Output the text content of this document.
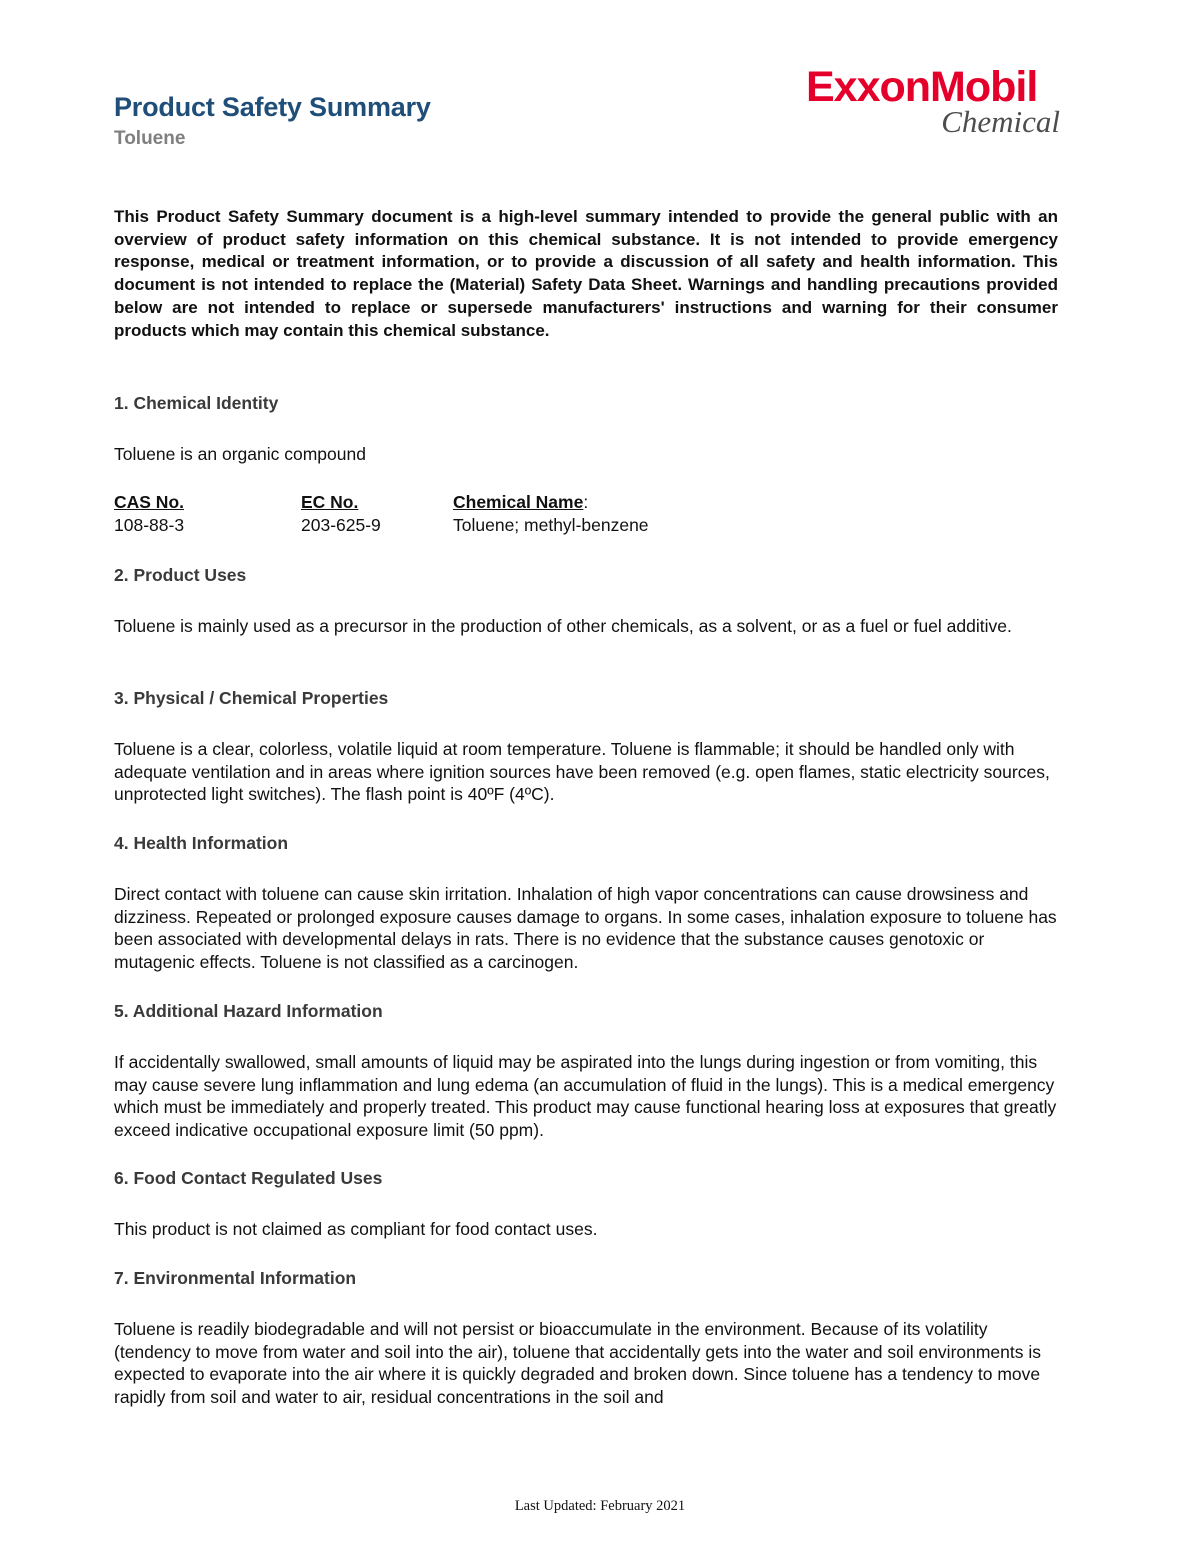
Product Safety Summary
Toluene
ExxonMobil
Chemical

This Product Safety Summary document is a high-level summary intended to provide the general public with an overview of product safety information on this chemical substance. It is not intended to provide emergency response, medical or treatment information, or to provide a discussion of all safety and health information. This document is not intended to replace the (Material) Safety Data Sheet. Warnings and handling precautions provided below are not intended to replace or supersede manufacturers' instructions and warning for their consumer products which may contain this chemical substance.

1. Chemical Identity

Toluene is an organic compound

CAS No.
108-88-3
EC No.
203-625-9
Chemical Name:
Toluene; methyl-benzene
2. Product Uses

Toluene is mainly used as a precursor in the production of other chemicals, as a solvent, or as a fuel or fuel additive.

3. Physical / Chemical Properties

Toluene is a clear, colorless, volatile liquid at room temperature. Toluene is flammable; it should be handled only with adequate ventilation and in areas where ignition sources have been removed (e.g. open flames, static electricity sources, unprotected light switches). The flash point is 40ºF (4ºC).

4. Health Information

Direct contact with toluene can cause skin irritation. Inhalation of high vapor concentrations can cause drowsiness and dizziness. Repeated or prolonged exposure causes damage to organs. In some cases, inhalation exposure to toluene has been associated with developmental delays in rats. There is no evidence that the substance causes genotoxic or mutagenic effects. Toluene is not classified as a carcinogen.

5. Additional Hazard Information

If accidentally swallowed, small amounts of liquid may be aspirated into the lungs during ingestion or from vomiting, this may cause severe lung inflammation and lung edema (an accumulation of fluid in the lungs). This is a medical emergency which must be immediately and properly treated. This product may cause functional hearing loss at exposures that greatly exceed indicative occupational exposure limit (50 ppm).

6. Food Contact Regulated Uses

This product is not claimed as compliant for food contact uses.

7. Environmental Information

Toluene is readily biodegradable and will not persist or bioaccumulate in the environment. Because of its volatility (tendency to move from water and soil into the air), toluene that accidentally gets into the water and soil environments is expected to evaporate into the air where it is quickly degraded and broken down. Since toluene has a tendency to move rapidly from soil and water to air, residual concentrations in the soil and

Last Updated: February 2021
